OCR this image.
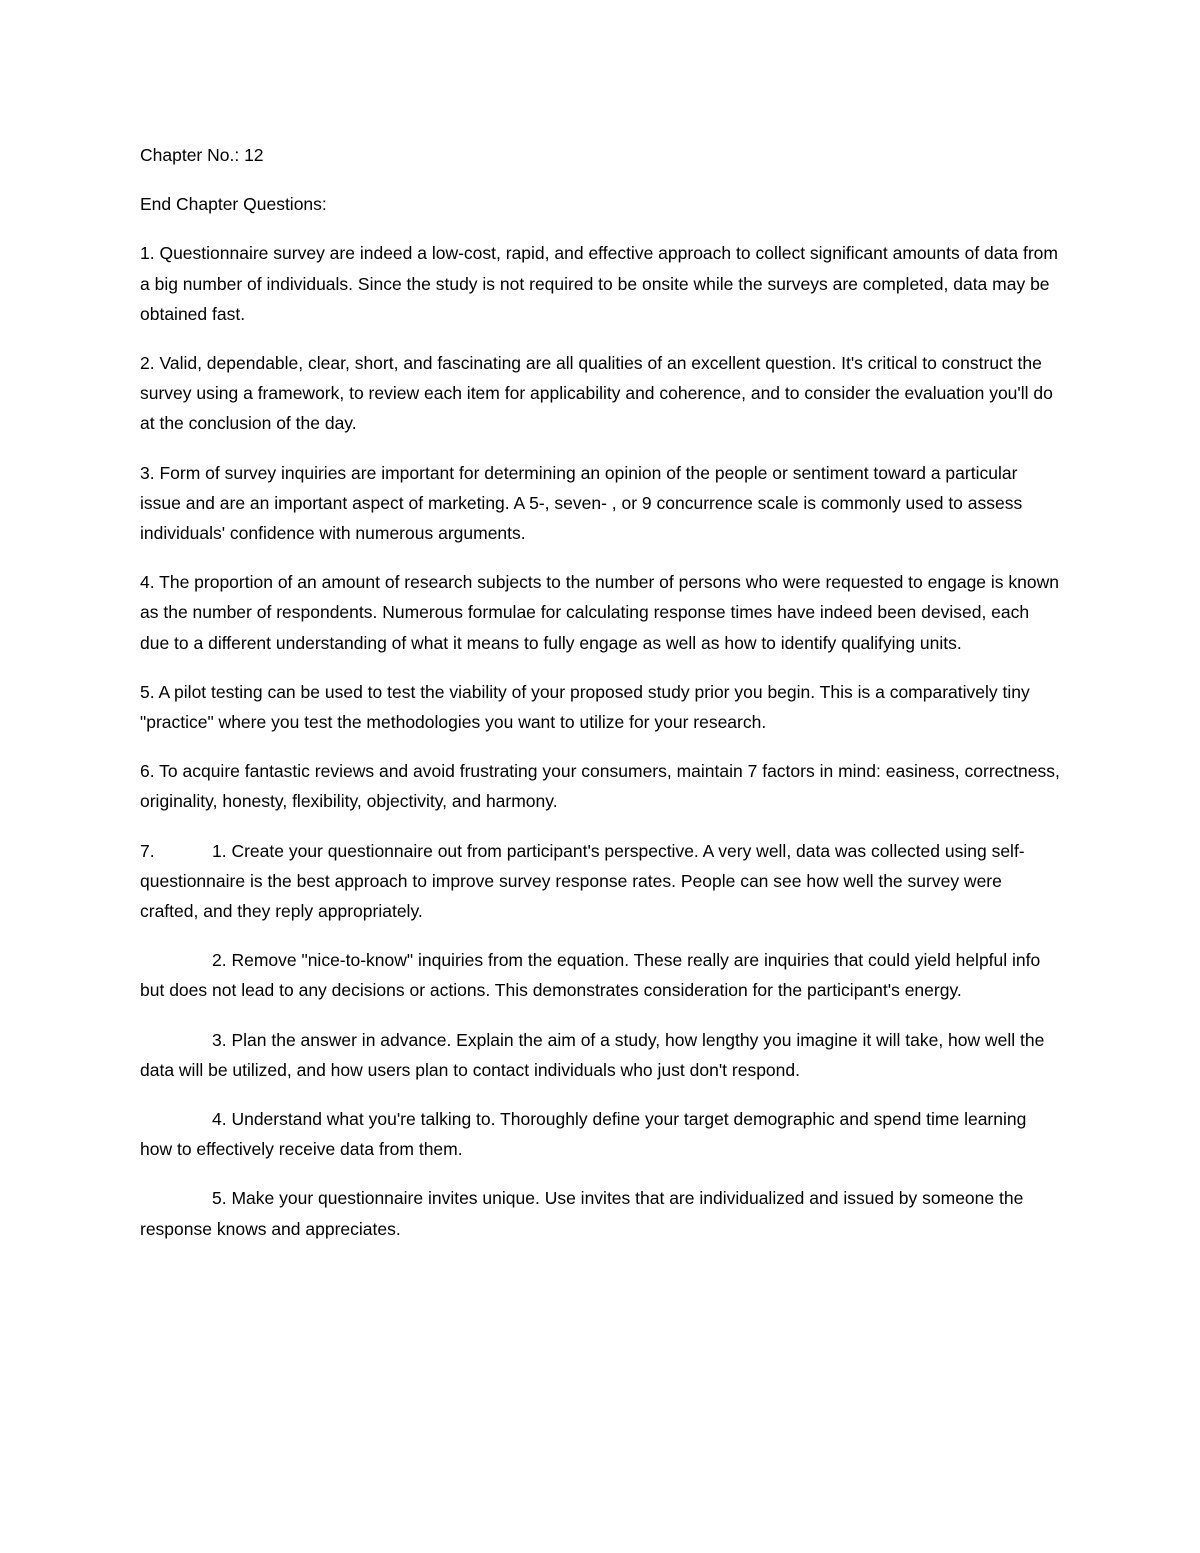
Chapter No.: 12

End Chapter Questions:

1. Questionnaire survey are indeed a low-cost, rapid, and effective approach to collect significant amounts of data from a big number of individuals. Since the study is not required to be onsite while the surveys are completed, data may be obtained fast.

2. Valid, dependable, clear, short, and fascinating are all qualities of an excellent question. It's critical to construct the survey using a framework, to review each item for applicability and coherence, and to consider the evaluation you'll do at the conclusion of the day.

3. Form of survey inquiries are important for determining an opinion of the people or sentiment toward a particular issue and are an important aspect of marketing. A 5-, seven- , or 9 concurrence scale is commonly used to assess individuals' confidence with numerous arguments.

4. The proportion of an amount of research subjects to the number of persons who were requested to engage is known as the number of respondents. Numerous formulae for calculating response times have indeed been devised, each due to a different understanding of what it means to fully engage as well as how to identify qualifying units.

5. A pilot testing can be used to test the viability of your proposed study prior you begin. This is a comparatively tiny "practice" where you test the methodologies you want to utilize for your research.

6. To acquire fantastic reviews and avoid frustrating your consumers, maintain 7 factors in mind: easiness, correctness, originality, honesty, flexibility, objectivity, and harmony.

7.	1. Create your questionnaire out from participant's perspective. A very well, data was collected using self-questionnaire is the best approach to improve survey response rates. People can see how well the survey were crafted, and they reply appropriately.

2. Remove "nice-to-know" inquiries from the equation. These really are inquiries that could yield helpful info but does not lead to any decisions or actions. This demonstrates consideration for the participant's energy.

3. Plan the answer in advance. Explain the aim of a study, how lengthy you imagine it will take, how well the data will be utilized, and how users plan to contact individuals who just don't respond.

4. Understand what you're talking to. Thoroughly define your target demographic and spend time learning how to effectively receive data from them.

5. Make your questionnaire invites unique. Use invites that are individualized and issued by someone the response knows and appreciates.
